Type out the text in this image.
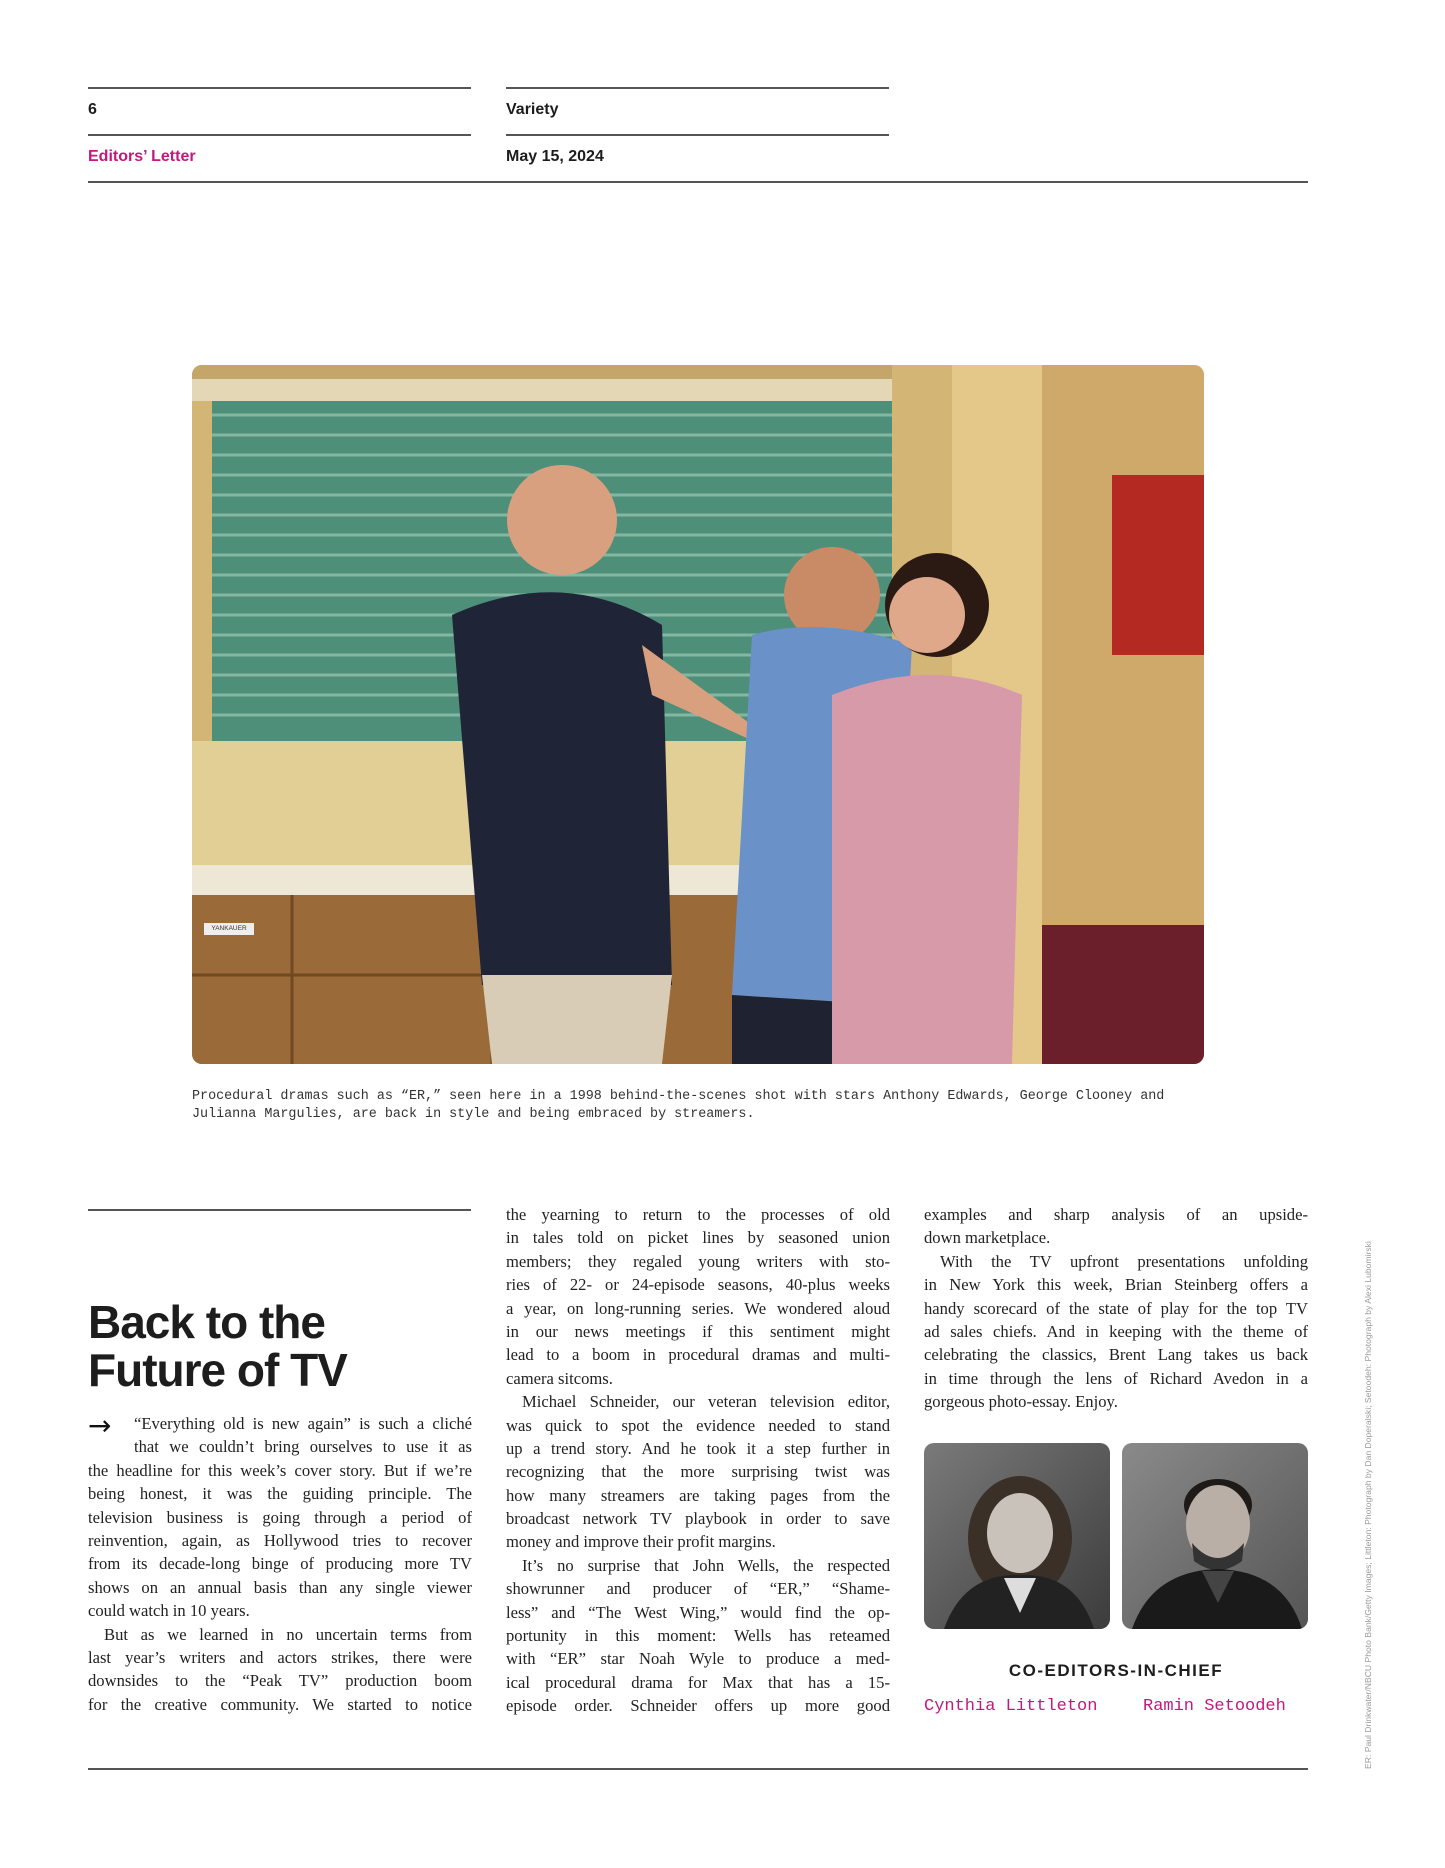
6	Variety
Editors’ Letter	May 15, 2024
YANKAUER
Procedural dramas such as “ER,” seen here in a 1998 behind-the-scenes shot with stars Anthony Edwards, George Clooney and Julianna Margulies, are back in style and being embraced by streamers.
Back to the
Future of TV
→	“Everything old is new again” is such a cliché
that we couldn’t bring ourselves to use it as
the headline for this week’s cover story. But if we’re
being honest, it was the guiding principle. The
television business is going through a period of
reinvention, again, as Hollywood tries to recover
from its decade-long binge of producing more TV
shows on an annual basis than any single viewer
could watch in 10 years.
But as we learned in no uncertain terms from
last year’s writers and actors strikes, there were
downsides to the “Peak TV” production boom
for the creative community. We started to notice
the yearning to return to the processes of old
in tales told on picket lines by seasoned union
members; they regaled young writers with sto-
ries of 22- or 24-episode seasons, 40-plus weeks
a year, on long-running series. We wondered aloud
in our news meetings if this sentiment might
lead to a boom in procedural dramas and multi-
camera sitcoms.
Michael Schneider, our veteran television editor,
was quick to spot the evidence needed to stand
up a trend story. And he took it a step further in
recognizing that the more surprising twist was
how many streamers are taking pages from the
broadcast network TV playbook in order to save
money and improve their profit margins.
It’s no surprise that John Wells, the respected
showrunner and producer of “ER,” “Shame-
less” and “The West Wing,” would find the op-
portunity in this moment: Wells has reteamed
with “ER” star Noah Wyle to produce a med-
ical procedural drama for Max that has a 15-
episode order. Schneider offers up more good
examples and sharp analysis of an upside-
down marketplace.
With the TV upfront presentations unfolding
in New York this week, Brian Steinberg offers a
handy scorecard of the state of play for the top TV
ad sales chiefs. And in keeping with the theme of
celebrating the classics, Brent Lang takes us back
in time through the lens of Richard Avedon in a
gorgeous photo-essay. Enjoy.
CO-EDITORS-IN-CHIEF
Cynthia Littleton	Ramin Setoodeh	ER: Paul Drinkwater/NBCU Photo Bank/Getty Images; Littleton: Photograph by Dan Doperalski; Setoodeh: Photograph by Alexi Lubomirski
